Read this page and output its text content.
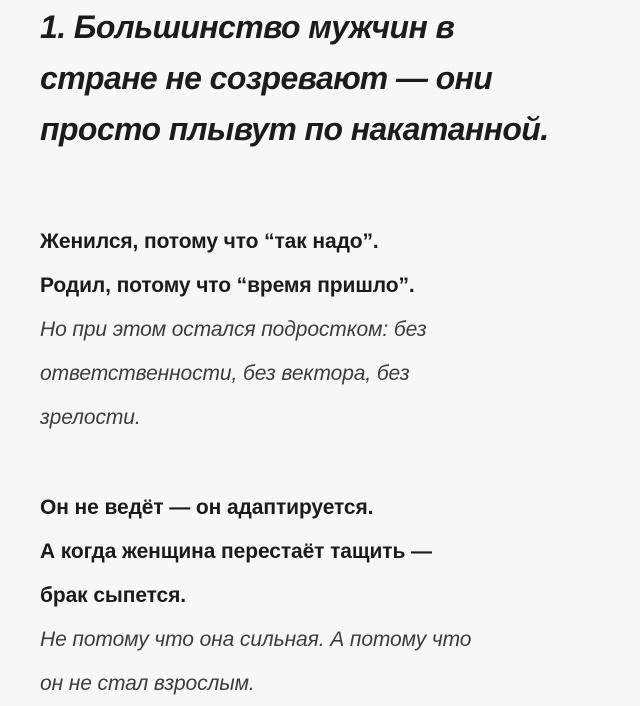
1. Большинство мужчин в
стране не созревают — они
просто плывут по накатанной.
Женился, потому что “так надо”.
Родил, потому что “время пришло”.
Но при этом остался подростком: без
ответственности, без вектора, без
зрелости.
Он не ведёт — он адаптируется.
А когда женщина перестаёт тащить —
брак сыпется.
Не потому что она сильная. А потому что
он не стал взрослым.
